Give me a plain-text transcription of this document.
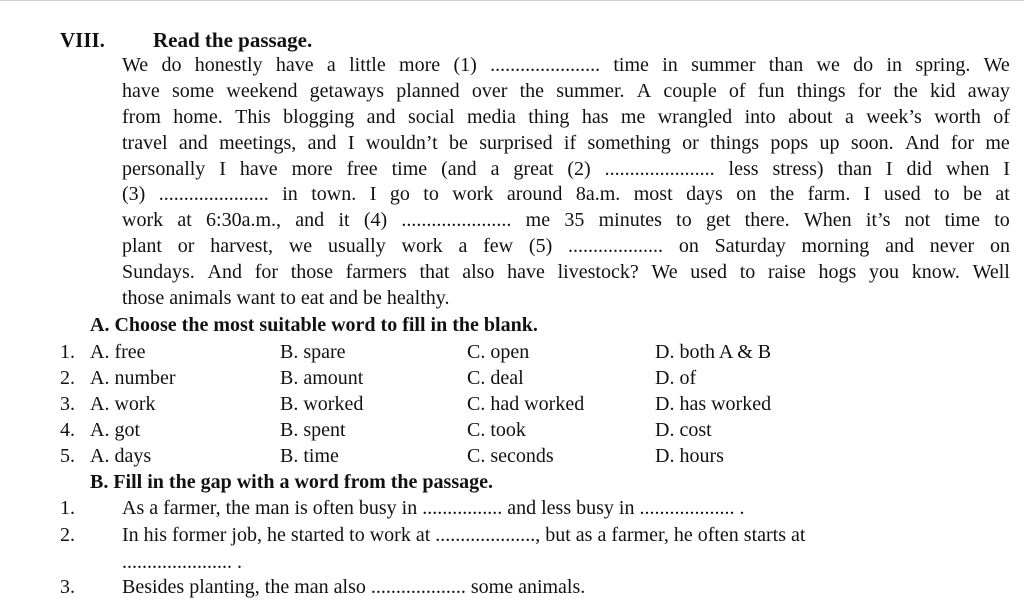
VIII. Read the passage.
We do honestly have a little more (1) ...................... time in summer than we do in spring. We
have some weekend getaways planned over the summer. A couple of fun things for the kid away
from home. This blogging and social media thing has me wrangled into about a week’s worth of
travel and meetings, and I wouldn’t be surprised if something or things pops up soon. And for me
personally I have more free time (and a great (2) ...................... less stress) than I did when I
(3) ...................... in town. I go to work around 8a.m. most days on the farm. I used to be at
work at 6:30a.m., and it (4) ...................... me 35 minutes to get there. When it’s not time to
plant or harvest, we usually work a few (5) ................... on Saturday morning and never on
Sundays. And for those farmers that also have livestock? We used to raise hogs you know. Well
those animals want to eat and be healthy.
A. Choose the most suitable word to fill in the blank.
1. A. free	B. spare	C. open	D. both A & B
2. A. number	B. amount	C. deal	D. of
3. A. work	B. worked	C. had worked	D. has worked
4. A. got	B. spent	C. took	D. cost
5. A. days	B. time	C. seconds	D. hours
B. Fill in the gap with a word from the passage.
1. As a farmer, the man is often busy in ................ and less busy in ................... .
2. In his former job, he started to work at ...................., but as a farmer, he often starts at
...................... .
3. Besides planting, the man also ................... some animals.
